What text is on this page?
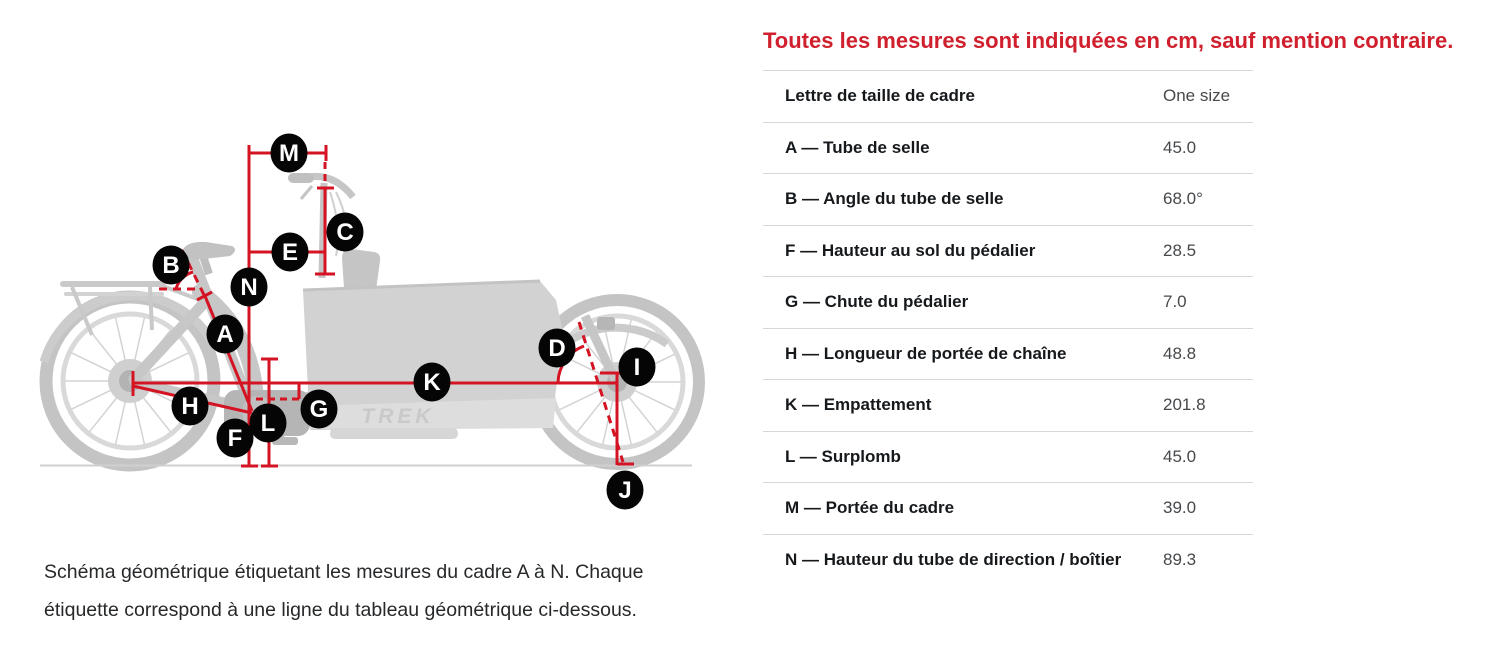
TREK
M
C
E
B
N
A
D
I
K
H	G
L
F
J
Schéma géométrique étiquetant les mesures du cadre A à N. Chaque étiquette correspond à une ligne du tableau géométrique ci-dessous.
Toutes les mesures sont indiquées en cm, sauf mention contraire.
Lettre de taille de cadre	One size
A — Tube de selle	45.0
B — Angle du tube de selle	68.0°
F — Hauteur au sol du pédalier	28.5
G — Chute du pédalier	7.0
H — Longueur de portée de chaîne	48.8
K — Empattement	201.8
L — Surplomb	45.0
M — Portée du cadre	39.0
N — Hauteur du tube de direction / boîtier 89.3
